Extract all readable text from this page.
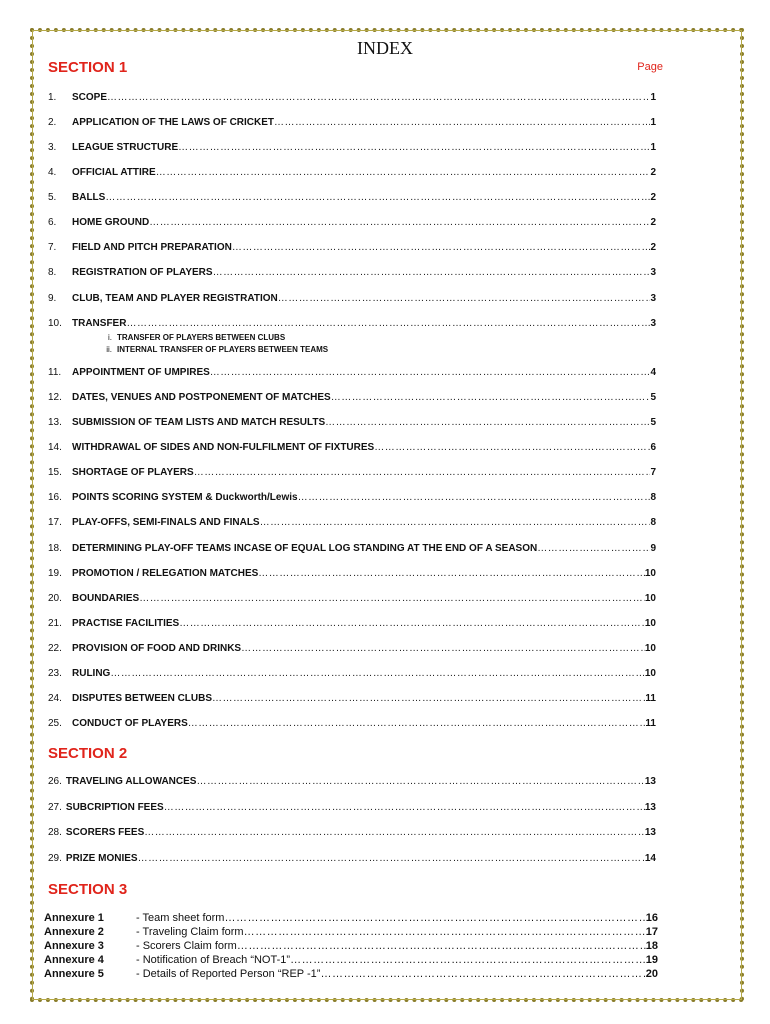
INDEX
SECTION 1	Page
1.	SCOPE …………………………………………………………………………………………………………………………………………………………………………………………………………………………………	1
2.	APPLICATION OF THE LAWS OF CRICKET …………………………………………………………………………………………………………………………………………………………………………………………………………………………………	1
3.	LEAGUE STRUCTURE …………………………………………………………………………………………………………………………………………………………………………………………………………………………………	1
4.	OFFICIAL ATTIRE …………………………………………………………………………………………………………………………………………………………………………………………………………………………………	2
5.	BALLS …………………………………………………………………………………………………………………………………………………………………………………………………………………………………	2
6.	HOME GROUND …………………………………………………………………………………………………………………………………………………………………………………………………………………………………	2
7.	FIELD AND PITCH PREPARATION …………………………………………………………………………………………………………………………………………………………………………………………………………………………………	2
8.	REGISTRATION OF PLAYERS …………………………………………………………………………………………………………………………………………………………………………………………………………………………………	3
9.	CLUB, TEAM AND PLAYER REGISTRATION …………………………………………………………………………………………………………………………………………………………………………………………………………………………………	3
10.	TRANSFER …………………………………………………………………………………………………………………………………………………………………………………………………………………………………	3
11.	APPOINTMENT OF UMPIRES …………………………………………………………………………………………………………………………………………………………………………………………………………………………………	4
12.	DATES, VENUES AND POSTPONEMENT OF MATCHES …………………………………………………………………………………………………………………………………………………………………………………………………………………………………	5
13.	SUBMISSION OF TEAM LISTS AND MATCH RESULTS …………………………………………………………………………………………………………………………………………………………………………………………………………………………………	5
14.	WITHDRAWAL OF SIDES AND NON-FULFILMENT OF FIXTURES …………………………………………………………………………………………………………………………………………………………………………………………………………………………………	6
15.	SHORTAGE OF PLAYERS …………………………………………………………………………………………………………………………………………………………………………………………………………………………………	7
16.	POINTS SCORING SYSTEM & Duckworth/Lewis …………………………………………………………………………………………………………………………………………………………………………………………………………………………………	8
17.	PLAY-OFFS, SEMI-FINALS AND FINALS …………………………………………………………………………………………………………………………………………………………………………………………………………………………………	8
18.	DETERMINING PLAY-OFF TEAMS INCASE OF EQUAL LOG STANDING AT THE END OF A SEASON …………………………………………………………………………………………………………………………………………………………………………………………………………………………………	9
19.	PROMOTION / RELEGATION MATCHES …………………………………………………………………………………………………………………………………………………………………………………………………………………………………	10
20.	BOUNDARIES …………………………………………………………………………………………………………………………………………………………………………………………………………………………………	10
21.	PRACTISE FACILITIES …………………………………………………………………………………………………………………………………………………………………………………………………………………………………	10
22.	PROVISION OF FOOD AND DRINKS …………………………………………………………………………………………………………………………………………………………………………………………………………………………………	10
23.	RULING …………………………………………………………………………………………………………………………………………………………………………………………………………………………………	10
24.	DISPUTES BETWEEN CLUBS …………………………………………………………………………………………………………………………………………………………………………………………………………………………………	11
25.	CONDUCT OF PLAYERS …………………………………………………………………………………………………………………………………………………………………………………………………………………………………	11
i. TRANSFER OF PLAYERS BETWEEN CLUBS
ii. INTERNAL TRANSFER OF PLAYERS BETWEEN TEAMS
SECTION 2
26. TRAVELING ALLOWANCES …………………………………………………………………………………………………………………………………………………………………………………………………………………………………	13
27. SUBCRIPTION FEES …………………………………………………………………………………………………………………………………………………………………………………………………………………………………	13
28. SCORERS FEES …………………………………………………………………………………………………………………………………………………………………………………………………………………………………	13
29. PRIZE MONIES …………………………………………………………………………………………………………………………………………………………………………………………………………………………………	14
SECTION 3
Annexure 1	- Team sheet form …………………………………………………………………………………………………………………………………………………………………………………………………………	16
Annexure 2	- Traveling Claim form …………………………………………………………………………………………………………………………………………………………………………………………………………	17
Annexure 3	- Scorers Claim form …………………………………………………………………………………………………………………………………………………………………………………………………………	18
Annexure 4	- Notification of Breach “NOT-1” …………………………………………………………………………………………………………………………………………………………………………………………………………	19
Annexure 5	- Details of Reported Person “REP -1” …………………………………………………………………………………………………………………………………………………………………………………………………………	20
